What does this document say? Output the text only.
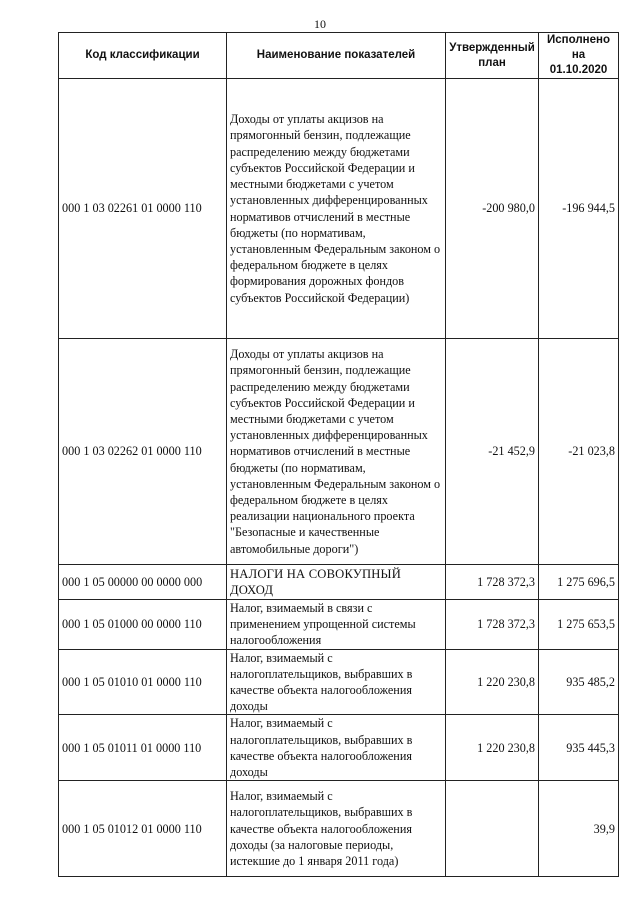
10
Код классификации	Наименование показателей	Утвержденный план	Исполнено на 01.10.2020
000 1 03 02261 01 0000 110	Доходы от уплаты акцизов на прямогонный бензин, подлежащие распределению между бюджетами субъектов Российской Федерации и местными бюджетами с учетом установленных дифференцированных нормативов отчислений в местные бюджеты (по нормативам, установленным Федеральным законом о федеральном бюджете в целях формирования дорожных фондов субъектов Российской Федерации)	-200 980,0	-196 944,5
000 1 03 02262 01 0000 110	Доходы от уплаты акцизов на прямогонный бензин, подлежащие распределению между бюджетами субъектов Российской Федерации и местными бюджетами с учетом установленных дифференцированных нормативов отчислений в местные бюджеты (по нормативам, установленным Федеральным законом о федеральном бюджете в целях реализации национального проекта "Безопасные и качественные автомобильные дороги")	-21 452,9	-21 023,8
000 1 05 00000 00 0000 000	НАЛОГИ НА СОВОКУПНЫЙ ДОХОД	1 728 372,3	1 275 696,5
000 1 05 01000 00 0000 110	Налог, взимаемый в связи с применением упрощенной системы налогообложения	1 728 372,3	1 275 653,5
000 1 05 01010 01 0000 110	Налог, взимаемый с налогоплательщиков, выбравших в качестве объекта налогообложения доходы	1 220 230,8	935 485,2
000 1 05 01011 01 0000 110	Налог, взимаемый с налогоплательщиков, выбравших в качестве объекта налогообложения доходы	1 220 230,8	935 445,3
000 1 05 01012 01 0000 110	Налог, взимаемый с налогоплательщиков, выбравших в качестве объекта налогообложения доходы (за налоговые периоды, истекшие до 1 января 2011 года)		39,9
